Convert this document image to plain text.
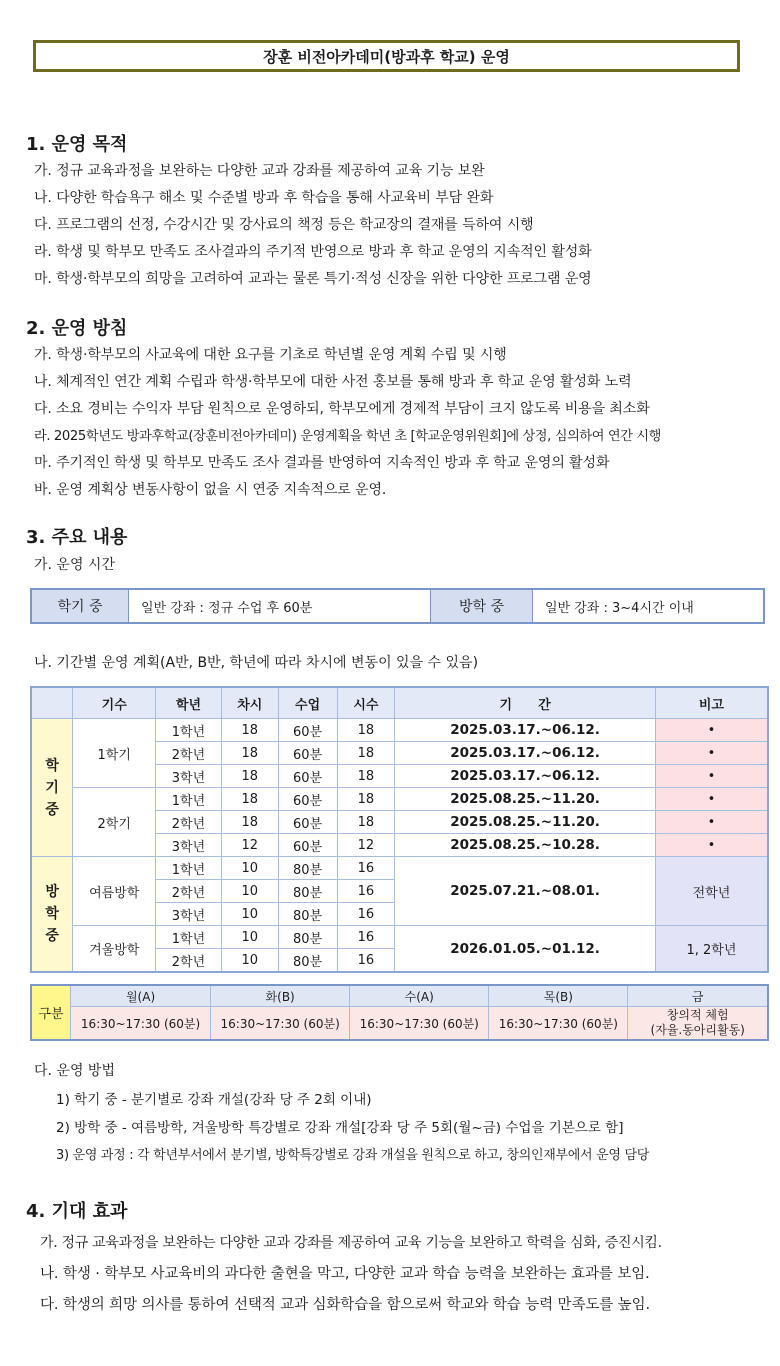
장훈 비전아카데미(방과후 학교) 운영
1. 운영 목적
가. 정규 교육과정을 보완하는 다양한 교과 강좌를 제공하여 교육 기능 보완
나. 다양한 학습욕구 해소 및 수준별 방과 후 학습을 통해 사교육비 부담 완화
다. 프로그램의 선정, 수강시간 및 강사료의 책정 등은 학교장의 결재를 득하여 시행
라. 학생 및 학부모 만족도 조사결과의 주기적 반영으로 방과 후 학교 운영의 지속적인 활성화
마. 학생·학부모의 희망을 고려하여 교과는 물론 특기·적성 신장을 위한 다양한 프로그램 운영
2. 운영 방침
가. 학생·학부모의 사교육에 대한 요구를 기초로 학년별 운영 계획 수립 및 시행
나. 체계적인 연간 계획 수립과 학생·학부모에 대한 사전 홍보를 통해 방과 후 학교 운영 활성화 노력
다. 소요 경비는 수익자 부담 원칙으로 운영하되, 학부모에게 경제적 부담이 크지 않도록 비용을 최소화
라. 2025학년도 방과후학교(장훈비전아카데미) 운영계획을 학년 초 [학교운영위원회]에 상정, 심의하여 연간 시행
마. 주기적인 학생 및 학부모 만족도 조사 결과를 반영하여 지속적인 방과 후 학교 운영의 활성화
바. 운영 계획상 변동사항이 없을 시 연중 지속적으로 운영.
3. 주요 내용
가. 운영 시간
학기 중	일반 강좌 : 정규 수업 후 60분	방학 중	일반 강좌 : 3~4시간 이내
나. 기간별 운영 계획(A반, B반, 학년에 따라 차시에 변동이 있을 수 있음)
	기수	학년	차시	수업	시수	기　　간	비고
학
기
중	1학기	1학년	18	60분	18	2025.03.17.~06.12.	•
		2학년	18	60분	18	2025.03.17.~06.12.	•
		3학년	18	60분	18	2025.03.17.~06.12.	•
	2학기	1학년	18	60분	18	2025.08.25.~11.20.	•
		2학년	18	60분	18	2025.08.25.~11.20.	•
		3학년	12	60분	12	2025.08.25.~10.28.	•
방
학
중	여름방학	1학년	10	80분	16	2025.07.21.~08.01.	전학년
		2학년	10	80분	16		
		3학년	10	80분	16		
	겨울방학	1학년	10	80분	16	2026.01.05.~01.12.	1, 2학년
		2학년	10	80분	16		
구분	월(A)	화(B)	수(A)	목(B)	금
	16:30~17:30 (60분)	16:30~17:30 (60분)	16:30~17:30 (60분)	16:30~17:30 (60분)	창의적 체험
(자율.동아리활동)
다. 운영 방법
1) 학기 중 - 분기별로 강좌 개설(강좌 당 주 2회 이내)
2) 방학 중 - 여름방학, 겨울방학 특강별로 강좌 개설[강좌 당 주 5회(월~금) 수업을 기본으로 함]
3) 운영 과정 : 각 학년부서에서 분기별, 방학특강별로 강좌 개설을 원칙으로 하고, 창의인재부에서 운영 담당
4. 기대 효과
가. 정규 교육과정을 보완하는 다양한 교과 강좌를 제공하여 교육 기능을 보완하고 학력을 심화, 증진시킴.
나. 학생 · 학부모 사교육비의 과다한 출현을 막고, 다양한 교과 학습 능력을 보완하는 효과를 보임.
다. 학생의 희망 의사를 통하여 선택적 교과 심화학습을 함으로써 학교와 학습 능력 만족도를 높임.
